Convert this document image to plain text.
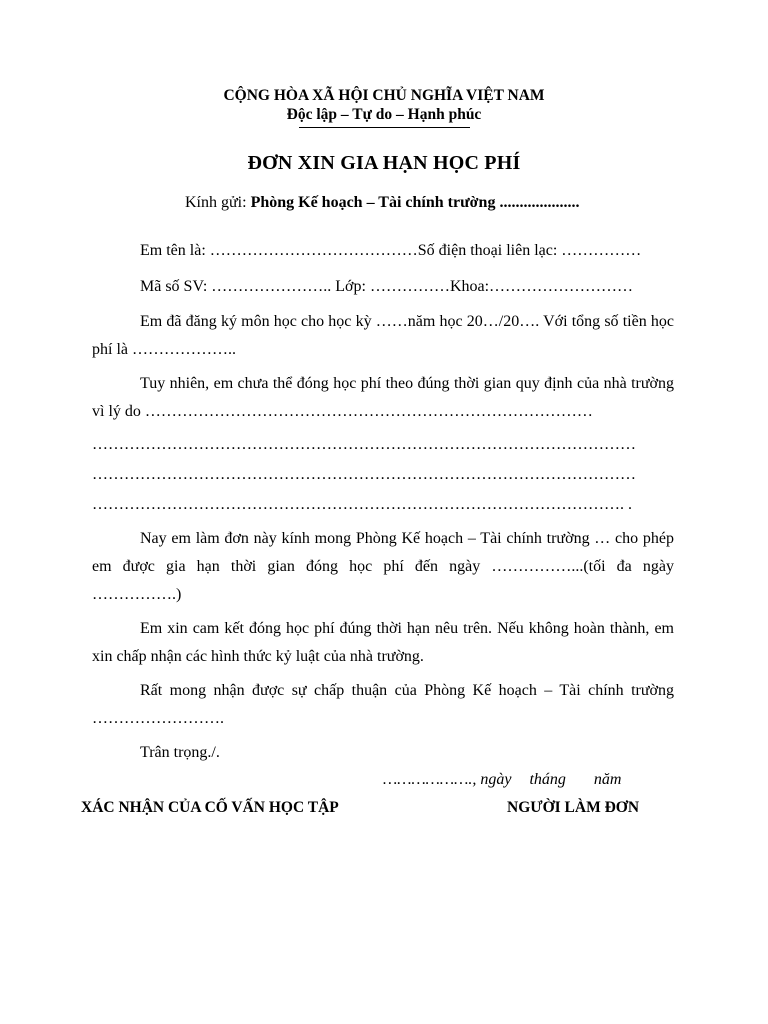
CỘNG HÒA XÃ HỘI CHỦ NGHĨA VIỆT NAM
Độc lập – Tự do – Hạnh phúc
ĐƠN XIN GIA HẠN HỌC PHÍ
Kính gửi: Phòng Kế hoạch – Tài chính trường ....................

Em tên là: …………………………………Số điện thoại liên lạc: ……………

Mã số SV: ………………….. Lớp: ……………Khoa:………………………

Em đã đăng ký môn học cho học kỳ ……năm học 20…/20…. Với tổng số tiền học phí là ………………..

Tuy nhiên, em chưa thể đóng học phí theo đúng thời gian quy định của nhà trường vì lý do …………………………………………………………………………

…………………………………………………………………………………………

…………………………………………………………………………………………

………………………………………………………………………………………. .

Nay em làm đơn này kính mong Phòng Kế hoạch – Tài chính trường … cho phép em được gia hạn thời gian đóng học phí đến ngày ……………...(tối đa ngày …………….)

Em xin cam kết đóng học phí đúng thời hạn nêu trên. Nếu không hoàn thành, em xin chấp nhận các hình thức kỷ luật của nhà trường.

Rất mong nhận được sự chấp thuận của Phòng Kế hoạch – Tài chính trường …………………….

Trân trọng./.

………………., ngày tháng năm
XÁC NHẬN CỦA CỐ VẤN HỌC TẬP	NGƯỜI LÀM ĐƠN
